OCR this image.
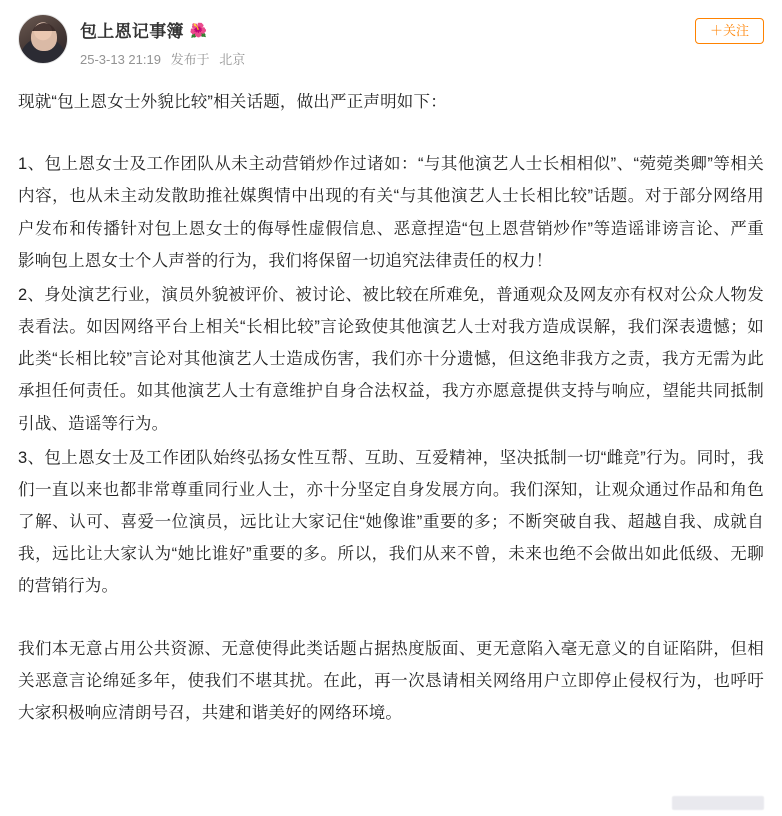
包上恩记事簿 🌺
25-3-13 21:19 发布于 北京
＋关注

现就“包上恩女士外貌比较”相关话题，做出严正声明如下：

1、包上恩女士及工作团队从未主动营销炒作过诸如：“与其他演艺人士长相相似”、“菀菀类卿”等相关内容，也从未主动发散助推社媒舆情中出现的有关“与其他演艺人士长相比较”话题。对于部分网络用户发布和传播针对包上恩女士的侮辱性虚假信息、恶意捏造“包上恩营销炒作”等造谣诽谤言论、严重影响包上恩女士个人声誉的行为，我们将保留一切追究法律责任的权力！

2、身处演艺行业，演员外貌被评价、被讨论、被比较在所难免，普通观众及网友亦有权对公众人物发表看法。如因网络平台上相关“长相比较”言论致使其他演艺人士对我方造成误解，我们深表遗憾；如此类“长相比较”言论对其他演艺人士造成伤害，我们亦十分遗憾，但这绝非我方之责，我方无需为此承担任何责任。如其他演艺人士有意维护自身合法权益，我方亦愿意提供支持与响应，望能共同抵制引战、造谣等行为。

3、包上恩女士及工作团队始终弘扬女性互帮、互助、互爱精神，坚决抵制一切“雌竞”行为。同时，我们一直以来也都非常尊重同行业人士，亦十分坚定自身发展方向。我们深知，让观众通过作品和角色了解、认可、喜爱一位演员，远比让大家记住“她像谁”重要的多；不断突破自我、超越自我、成就自我，远比让大家认为“她比谁好”重要的多。所以，我们从来不曾，未来也绝不会做出如此低级、无聊的营销行为。

我们本无意占用公共资源、无意使得此类话题占据热度版面、更无意陷入毫无意义的自证陷阱，但相关恶意言论绵延多年，使我们不堪其扰。在此，再一次恳请相关网络用户立即停止侵权行为，也呼吁大家积极响应清朗号召，共建和谐美好的网络环境。
